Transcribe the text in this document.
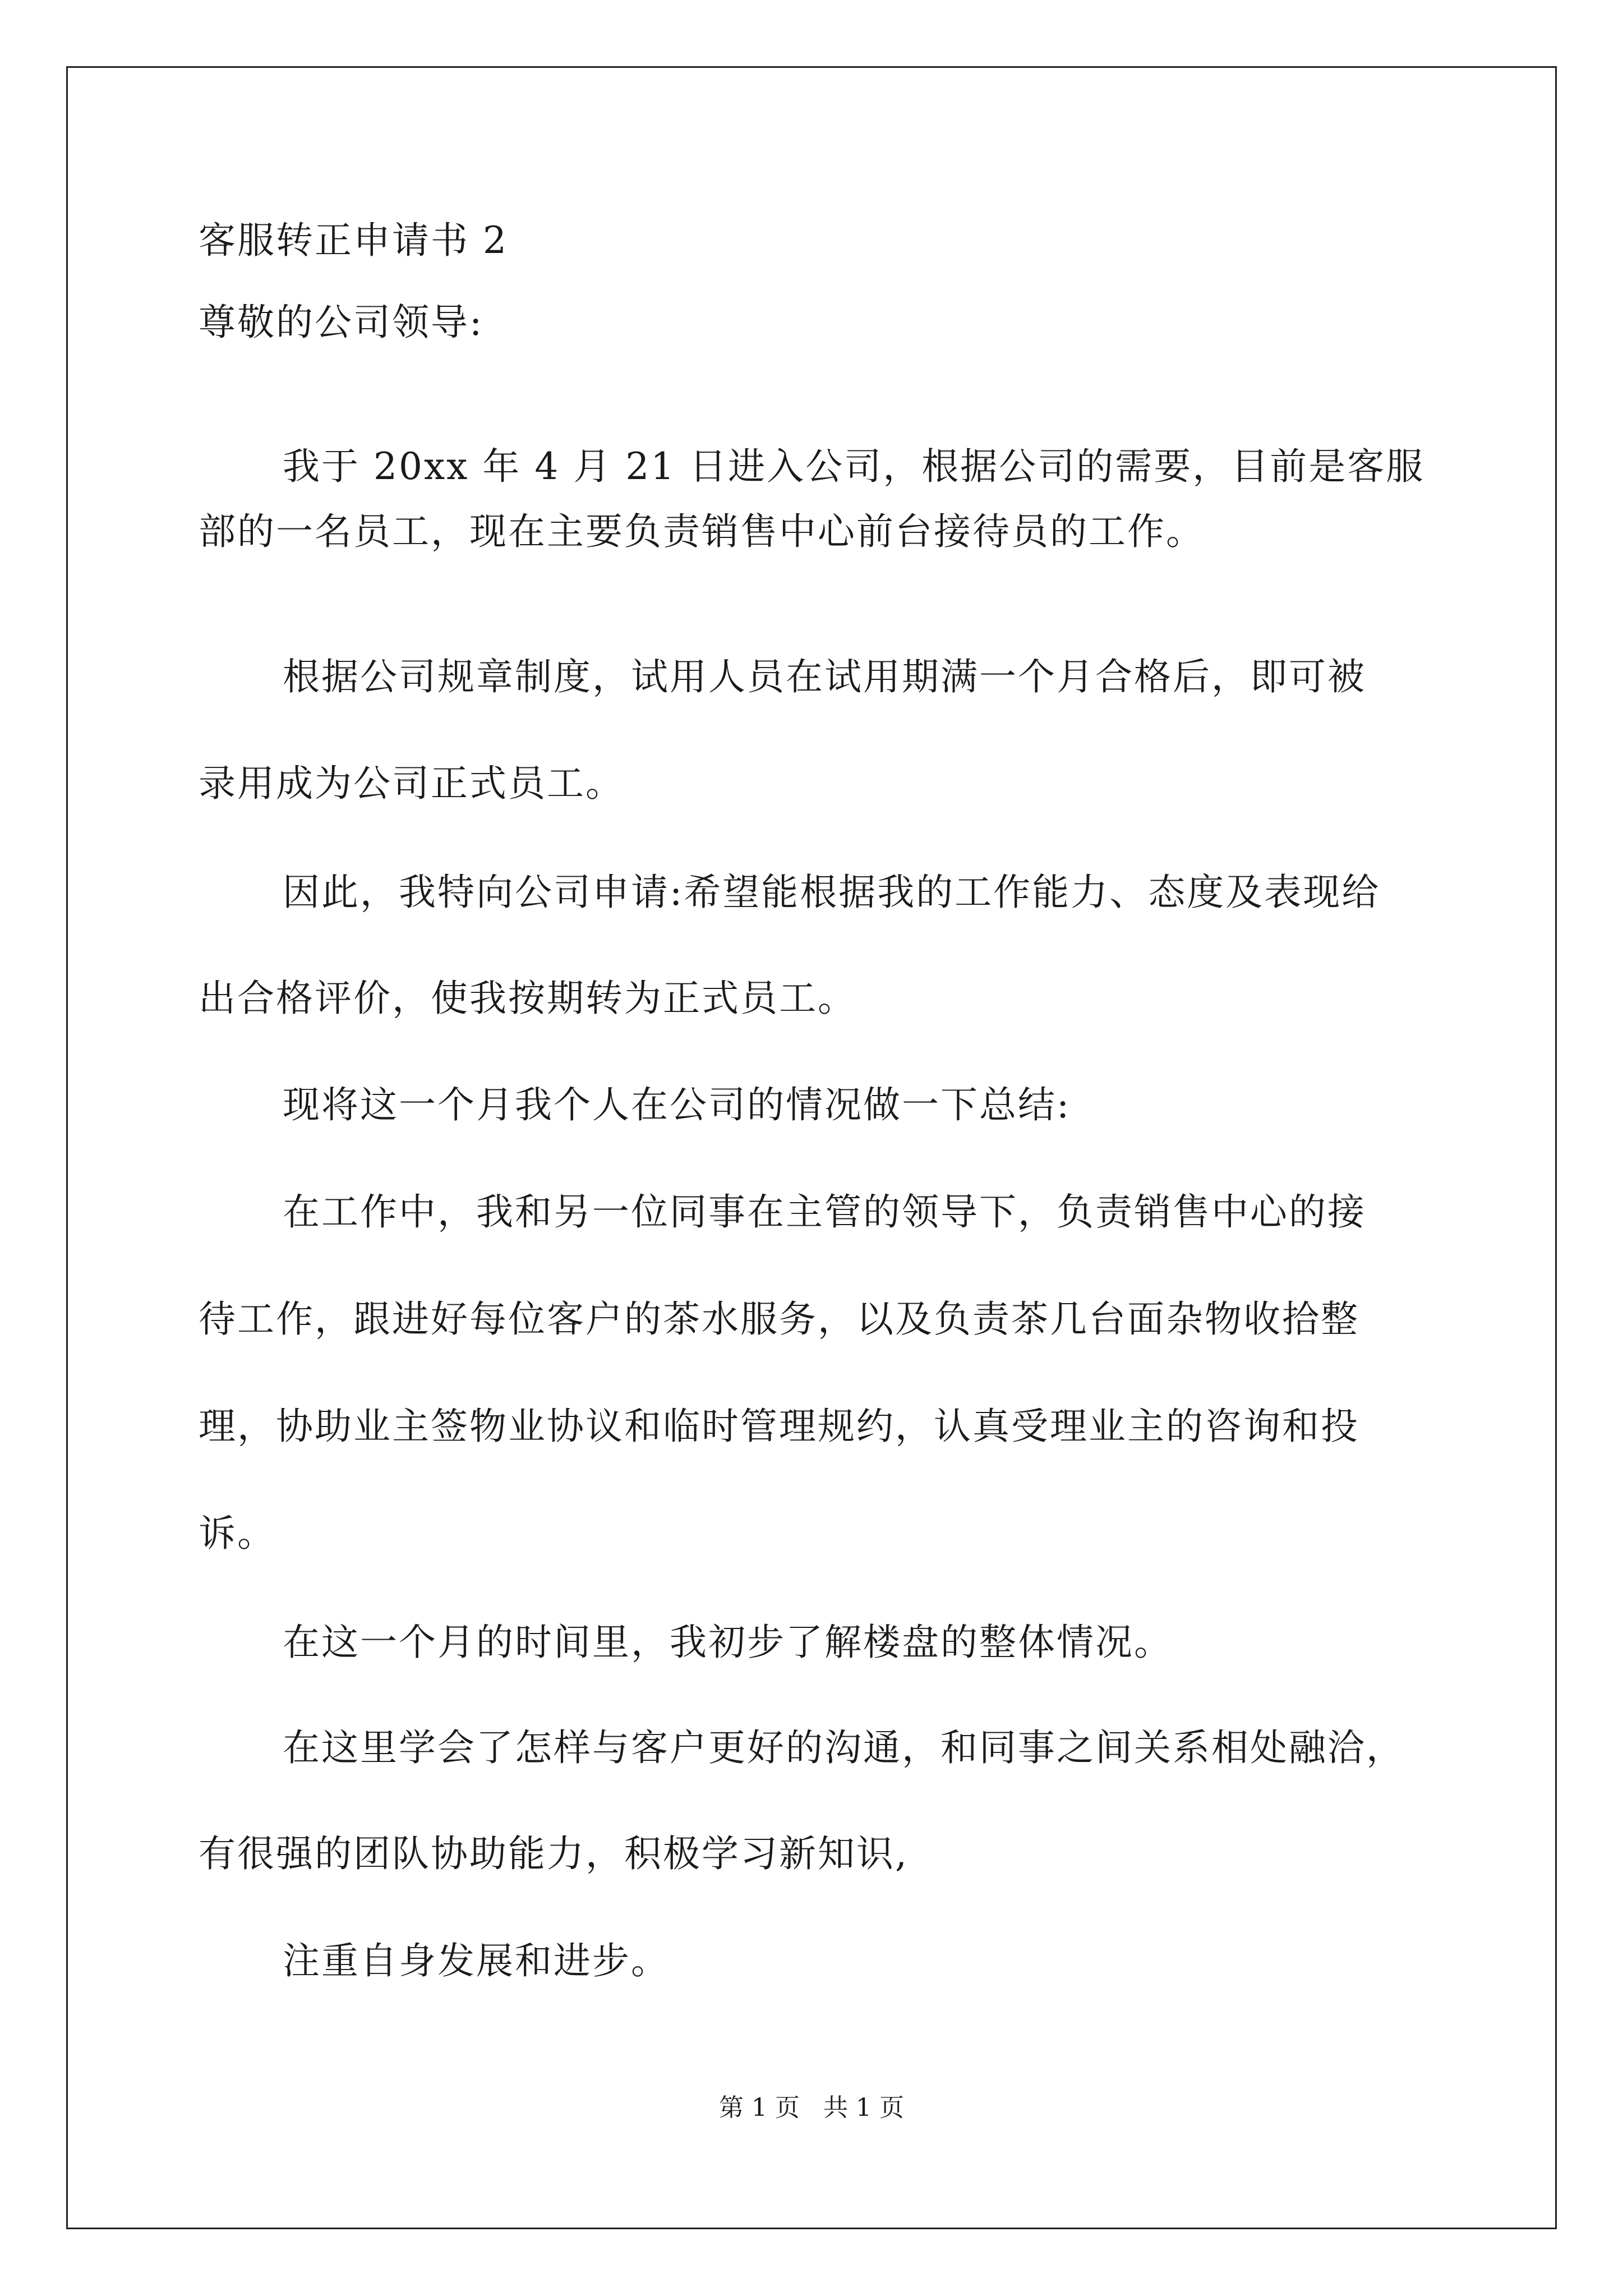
客服转正申请书 2
尊敬的公司领导:
我于 20xx 年 4 月 21 日进入公司，根据公司的需要，目前是客服
部的一名员工，现在主要负责销售中心前台接待员的工作。
根据公司规章制度，试用人员在试用期满一个月合格后，即可被
录用成为公司正式员工。
因此，我特向公司申请:希望能根据我的工作能力、态度及表现给
出合格评价，使我按期转为正式员工。
现将这一个月我个人在公司的情况做一下总结:
在工作中，我和另一位同事在主管的领导下，负责销售中心的接
待工作，跟进好每位客户的茶水服务，以及负责茶几台面杂物收拾整
理，协助业主签物业协议和临时管理规约，认真受理业主的咨询和投
诉。
在这一个月的时间里，我初步了解楼盘的整体情况。
在这里学会了怎样与客户更好的沟通，和同事之间关系相处融洽，
有很强的团队协助能力，积极学习新知识,
注重自身发展和进步。
第 1 页   共 1 页
